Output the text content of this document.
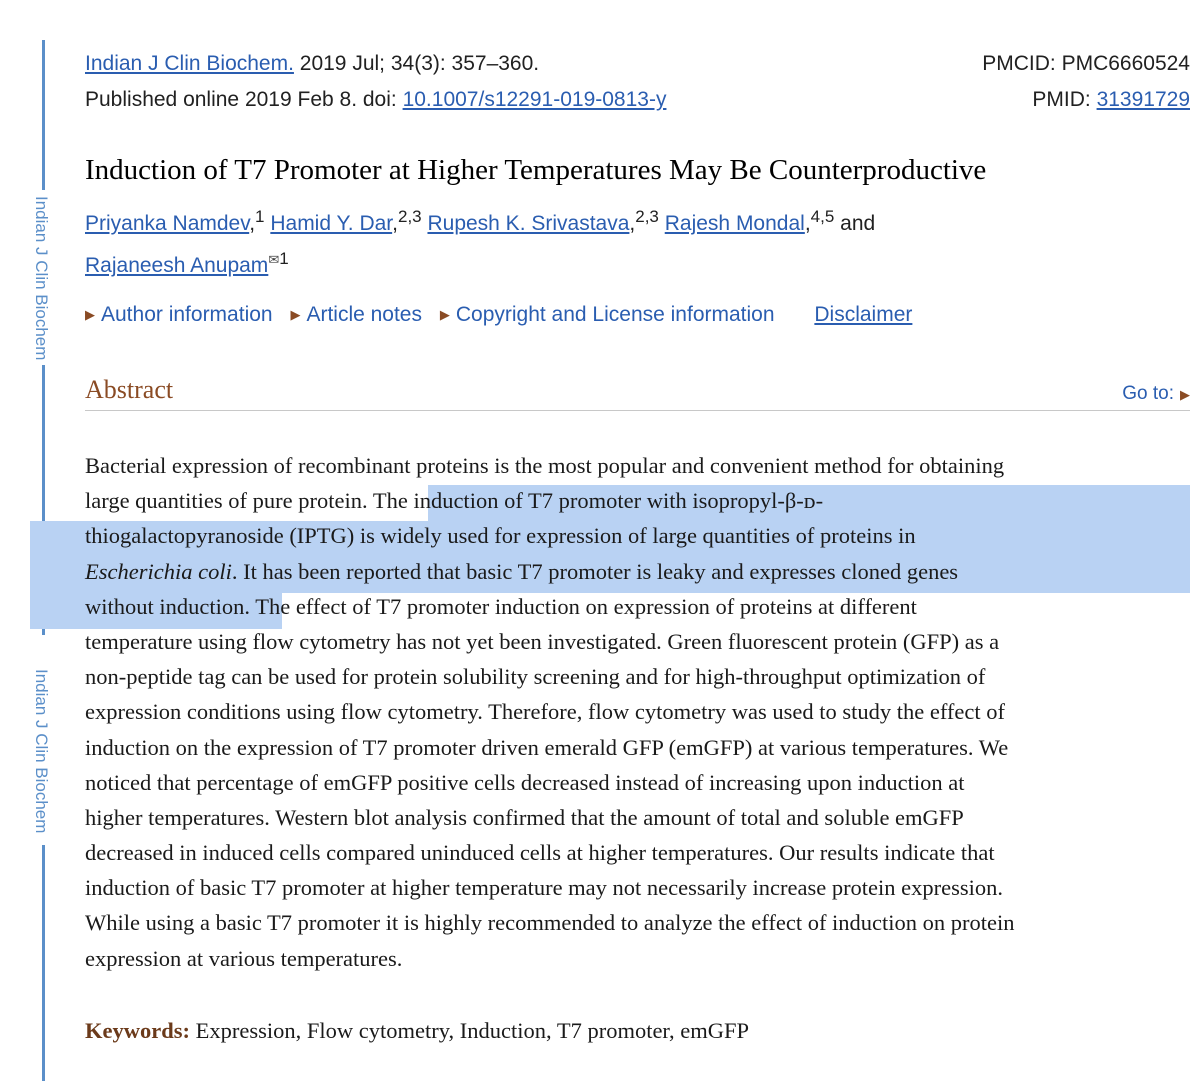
Indian J Clin Biochem
Indian J Clin Biochem
Indian J Clin Biochem. 2019 Jul; 34(3): 357–360.	PMCID: PMC6660524
Published online 2019 Feb 8. doi: 10.1007/s12291-019-0813-y	PMID: 31391729
Induction of T7 Promoter at Higher Temperatures May Be Counterproductive
Priyanka Namdev,$^1$ Hamid Y. Dar,$^{2,3}$ Rupesh K. Srivastava,$^{2,3}$ Rajesh Mondal,$^{4,5}$ and
Rajaneesh Anupam$^{✉1}$
▶ Author information ▶ Article notes ▶ Copyright and License information Disclaimer
Abstract	Go to: ▶
Bacterial expression of recombinant proteins is the most popular and convenient method for obtaining
large quantities of pure protein. The induction of T7 promoter with isopropyl-β-ᴅ-
thiogalactopyranoside (IPTG) is widely used for expression of large quantities of proteins in
Escherichia coli. It has been reported that basic T7 promoter is leaky and expresses cloned genes
without induction. The effect of T7 promoter induction on expression of proteins at different
temperature using flow cytometry has not yet been investigated. Green fluorescent protein (GFP) as a
non-peptide tag can be used for protein solubility screening and for high-throughput optimization of
expression conditions using flow cytometry. Therefore, flow cytometry was used to study the effect of
induction on the expression of T7 promoter driven emerald GFP (emGFP) at various temperatures. We
noticed that percentage of emGFP positive cells decreased instead of increasing upon induction at
higher temperatures. Western blot analysis confirmed that the amount of total and soluble emGFP
decreased in induced cells compared uninduced cells at higher temperatures. Our results indicate that
induction of basic T7 promoter at higher temperature may not necessarily increase protein expression.
While using a basic T7 promoter it is highly recommended to analyze the effect of induction on protein
expression at various temperatures.
Keywords: Expression, Flow cytometry, Induction, T7 promoter, emGFP
